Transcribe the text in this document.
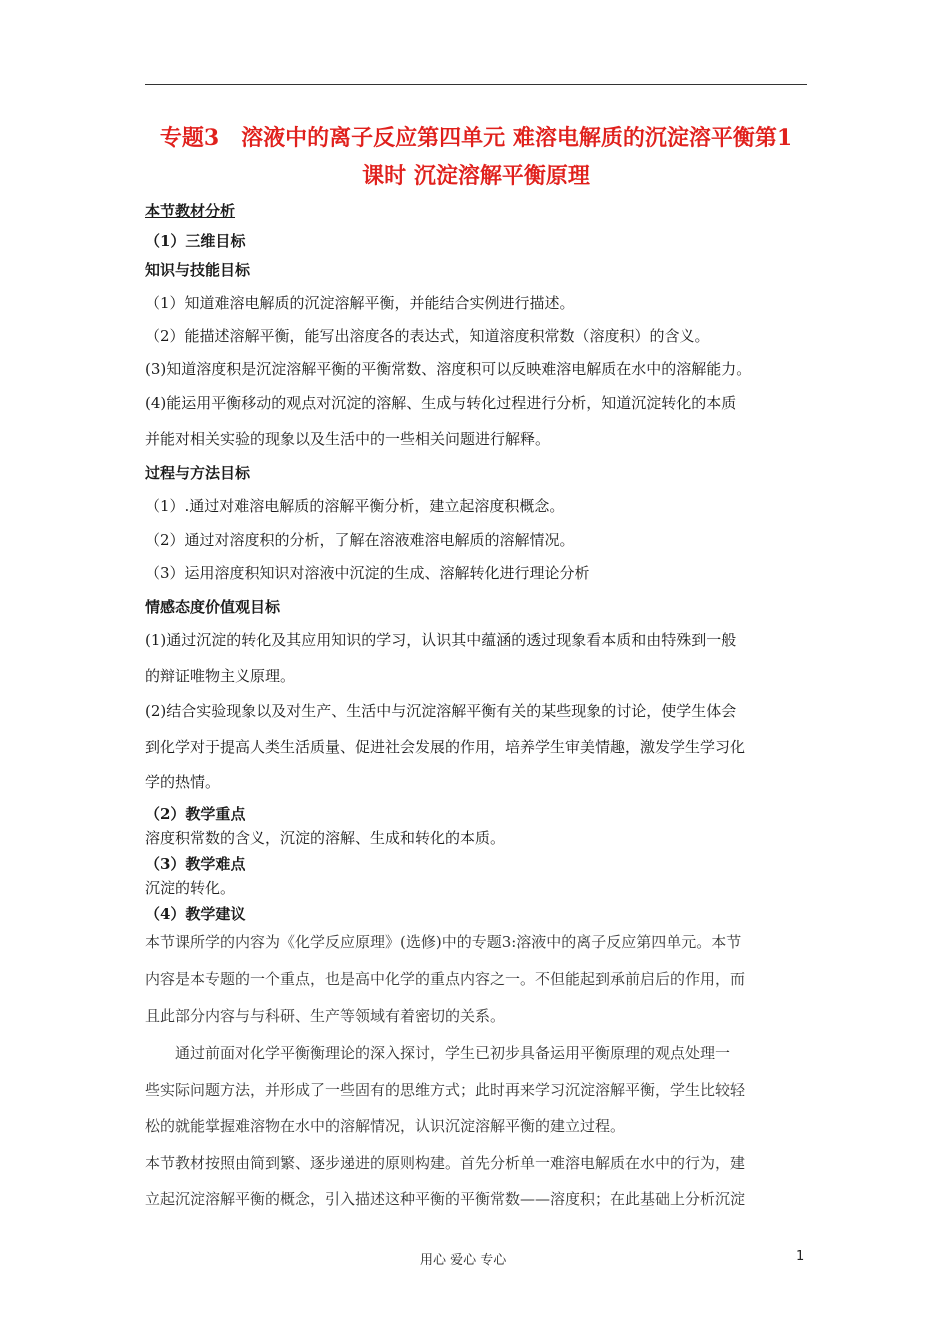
专题3　溶液中的离子反应第四单元 难溶电解质的沉淀溶平衡第1
课时 沉淀溶解平衡原理
本节教材分析
（1）三维目标
知识与技能目标
（1）知道难溶电解质的沉淀溶解平衡，并能结合实例进行描述。
（2）能描述溶解平衡，能写出溶度各的表达式，知道溶度积常数（溶度积）的含义。
(3)知道溶度积是沉淀溶解平衡的平衡常数、溶度积可以反映难溶电解质在水中的溶解能力。
(4)能运用平衡移动的观点对沉淀的溶解、生成与转化过程进行分析，知道沉淀转化的本质
并能对相关实验的现象以及生活中的一些相关问题进行解释。
过程与方法目标
（1）.通过对难溶电解质的溶解平衡分析，建立起溶度积概念。
（2）通过对溶度积的分析，了解在溶液难溶电解质的溶解情况。
（3）运用溶度积知识对溶液中沉淀的生成、溶解转化进行理论分析
情感态度价值观目标
(1)通过沉淀的转化及其应用知识的学习，认识其中蕴涵的透过现象看本质和由特殊到一般
的辩证唯物主义原理。
(2)结合实验现象以及对生产、生活中与沉淀溶解平衡有关的某些现象的讨论，使学生体会
到化学对于提高人类生活质量、促进社会发展的作用，培养学生审美情趣，激发学生学习化
学的热情。
（2）教学重点
溶度积常数的含义，沉淀的溶解、生成和转化的本质。
（3）教学难点
沉淀的转化。
（4）教学建议
本节课所学的内容为《化学反应原理》(选修)中的专题3:溶液中的离子反应第四单元。本节
内容是本专题的一个重点，也是高中化学的重点内容之一。不但能起到承前启后的作用，而
且此部分内容与与科研、生产等领域有着密切的关系。
通过前面对化学平衡衡理论的深入探讨，学生已初步具备运用平衡原理的观点处理一
些实际问题方法，并形成了一些固有的思维方式；此时再来学习沉淀溶解平衡，学生比较轻
松的就能掌握难溶物在水中的溶解情况，认识沉淀溶解平衡的建立过程。
本节教材按照由简到繁、逐步递进的原则构建。首先分析单一难溶电解质在水中的行为，建
立起沉淀溶解平衡的概念，引入描述这种平衡的平衡常数——溶度积；在此基础上分析沉淀
用心 爱心 专心	1
